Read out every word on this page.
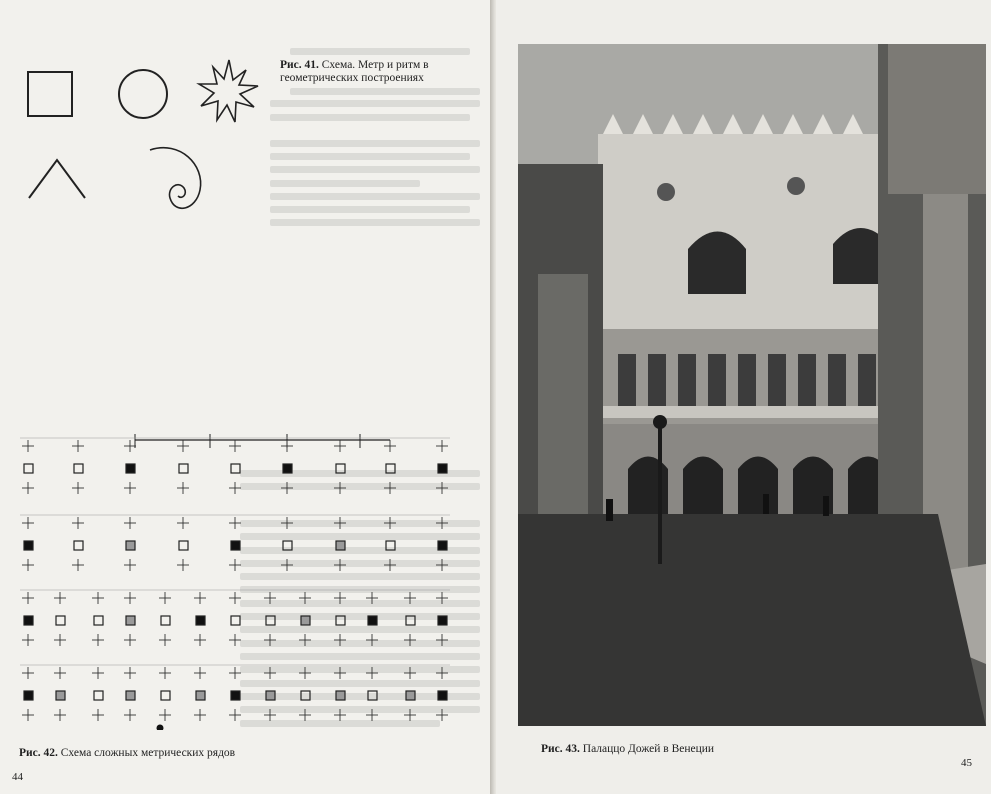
Рис. 41. Схема. Метр и ритм в геометрических построениях
Рис. 42. Схема сложных метрических рядов
44
Рис. 43. Палаццо Дожей в Венеции
45
